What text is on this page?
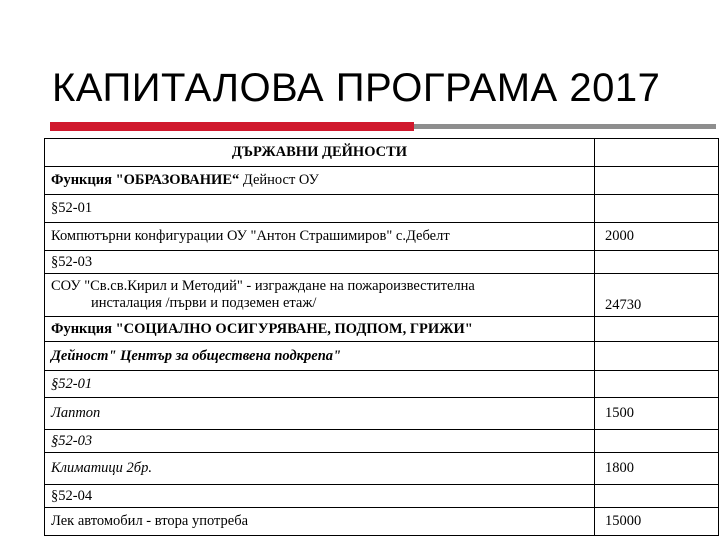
КАПИТАЛОВА ПРОГРАМА 2017
ДЪРЖАВНИ ДЕЙНОСТИ	
Функция "ОБРАЗОВАНИЕ“ Дейност ОУ	
§52-01	
Компютърни конфигурации ОУ "Антон Страшимиров" с.Дебелт	2000
§52-03	
СОУ "Св.св.Кирил и Методий" - изграждане на пожароизвестителна
инсталация /първи и подземен етаж/	24730
Функция "СОЦИАЛНО ОСИГУРЯВАНЕ, ПОДПОМ, ГРИЖИ"	
Дейност" Център за обществена подкрепа"	
§52-01	
Лаптоп	1500
§52-03	
Климатици 2бр.	1800
§52-04	
Лек автомобил - втора употреба	15000
